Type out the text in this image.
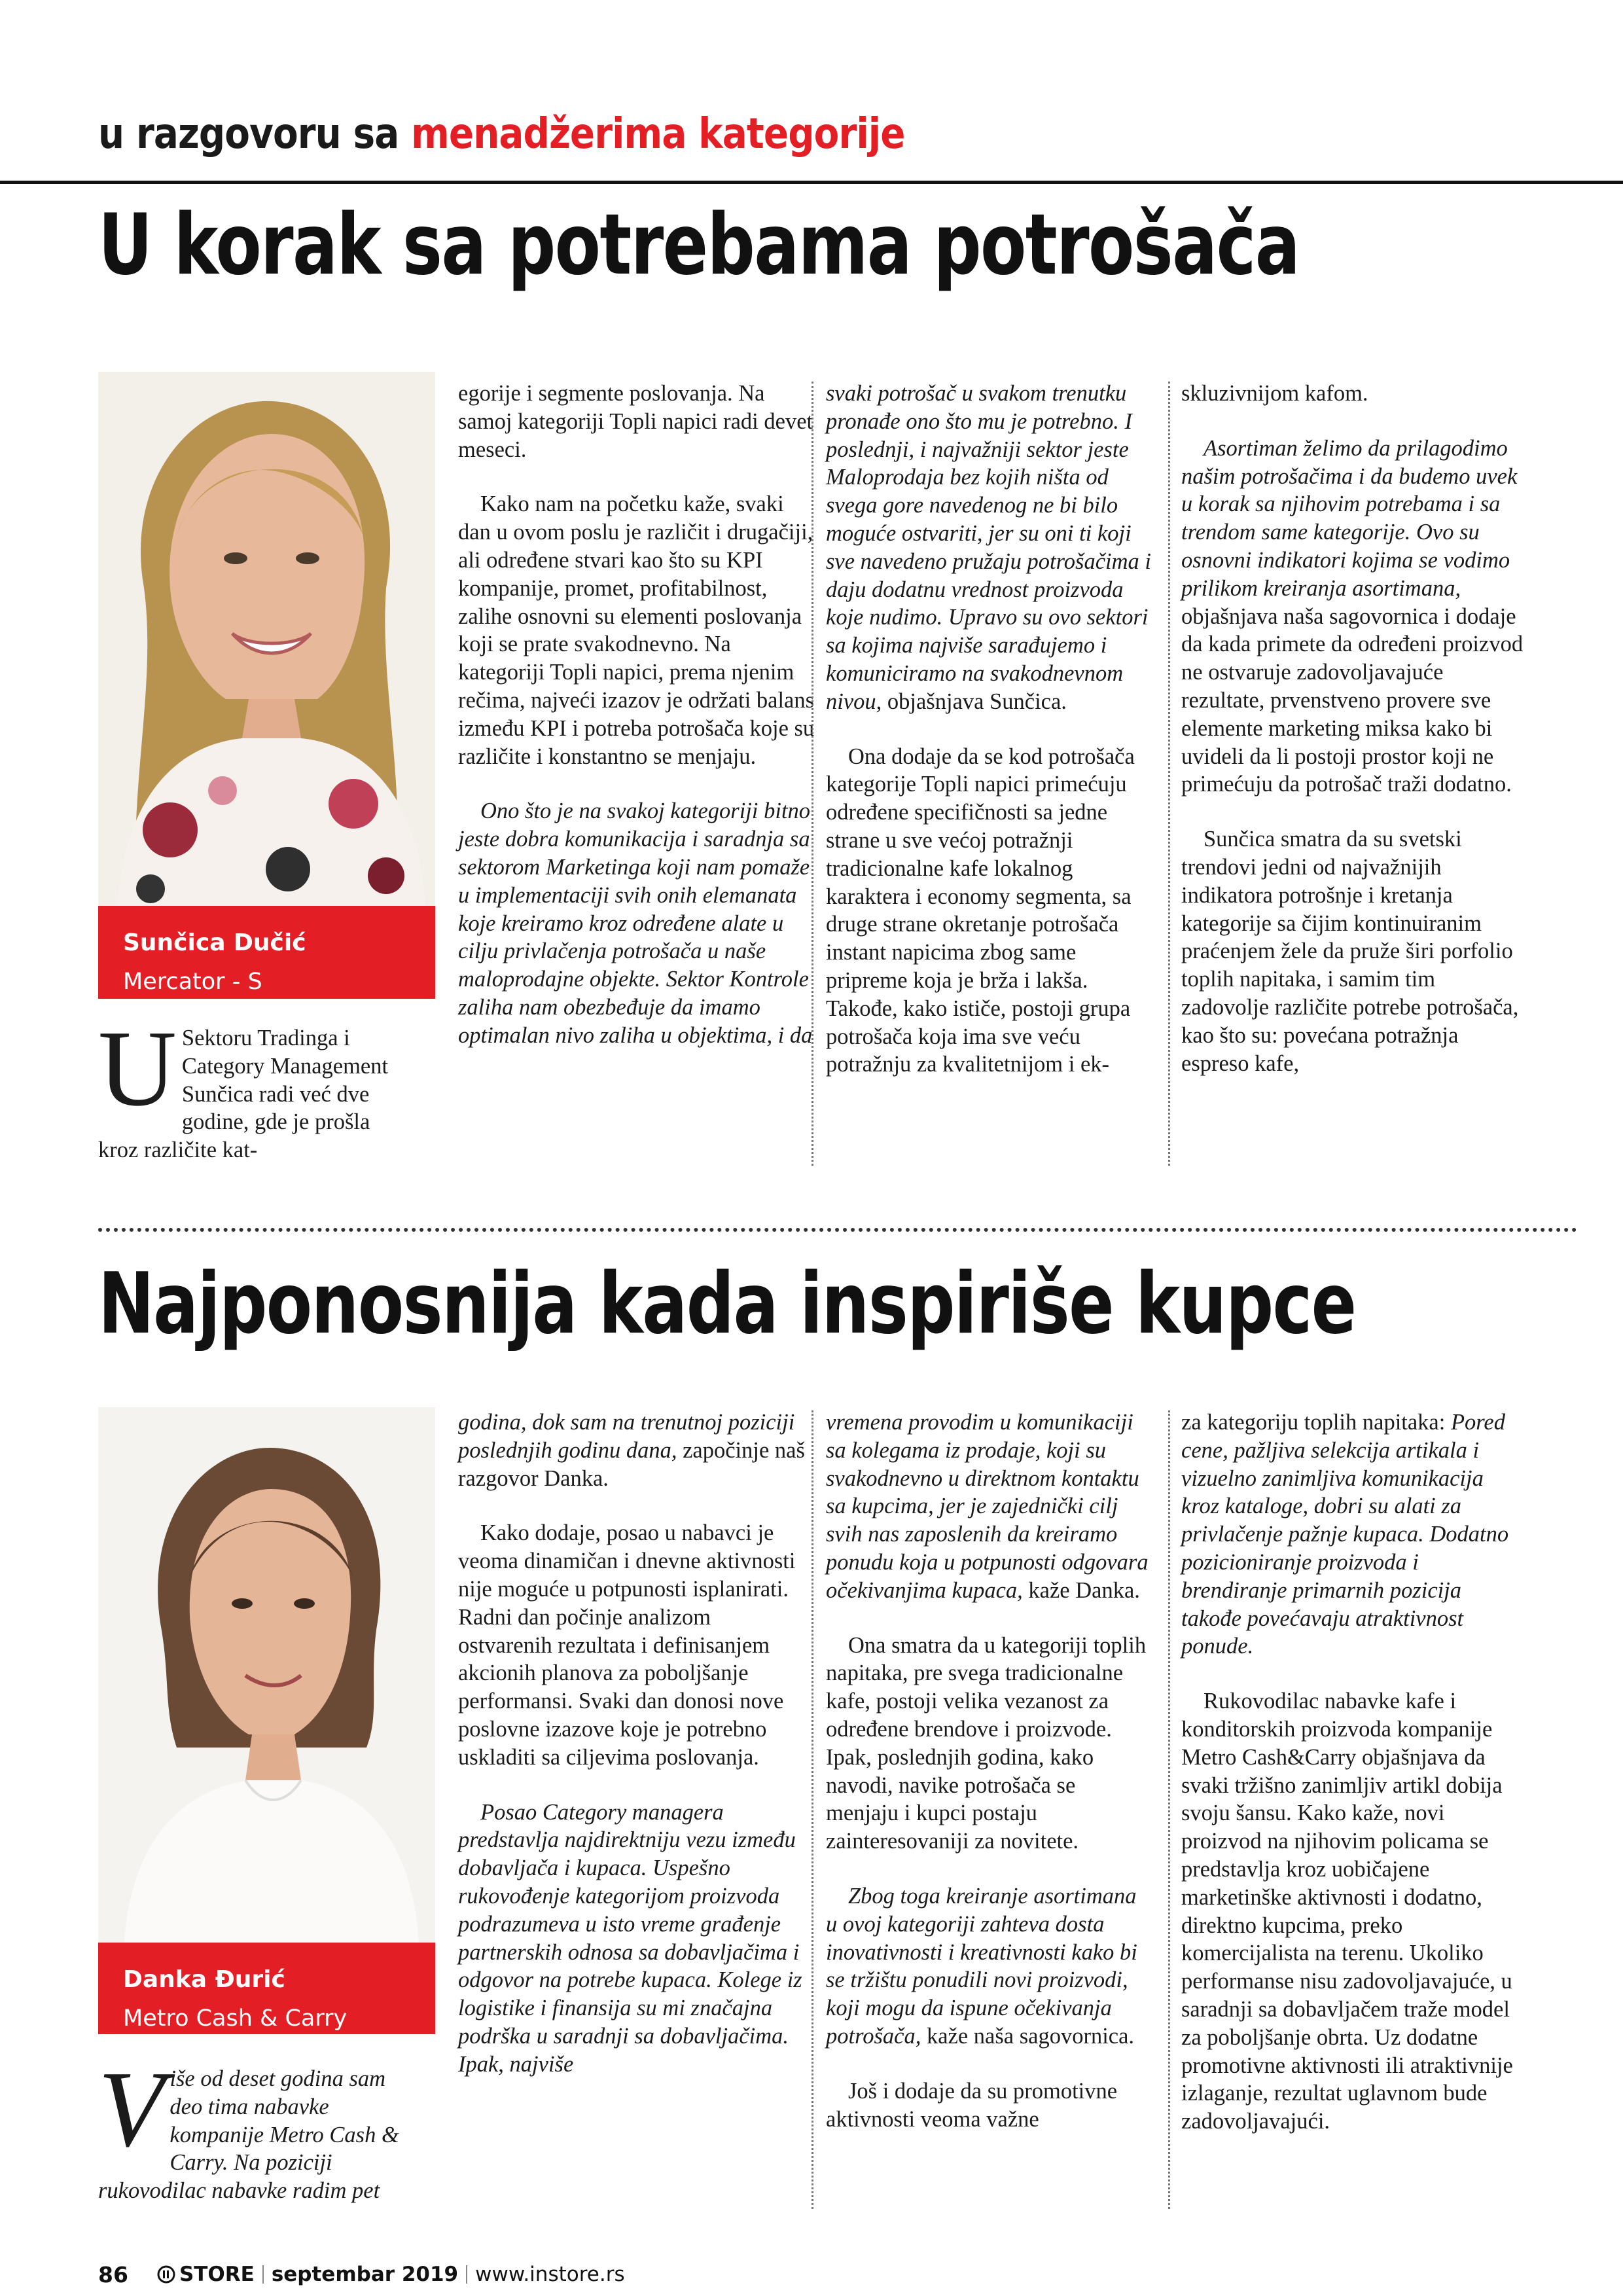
u razgovoru sa menadžerima kategorije
U korak sa potrebama potrošača
Sunčica Dučić
Mercator - S

U Sektoru Tradinga i Category Management Sunčica radi već dve godine, gde je prošla kroz različite kat-

egorije i segmente poslovanja. Na samoj kategoriji Topli napici radi devet meseci.

Kako nam na početku kaže, svaki dan u ovom poslu je različit i drugačiji, ali određene stvari kao što su KPI kompanije, promet, profitabilnost, zalihe osnovni su elementi poslovanja koji se prate svakodnevno. Na kategoriji Topli napici, prema njenim rečima, najveći izazov je održati balans između KPI i potreba potrošača koje su različite i konstantno se menjaju.

Ono što je na svakoj kategoriji bitno jeste dobra komunikacija i saradnja sa sektorom Marketinga koji nam pomaže u implementaciji svih onih elemanata koje kreiramo kroz određene alate u cilju privlačenja potrošača u naše maloprodajne objekte. Sektor Kontrole zaliha nam obezbeđuje da imamo optimalan nivo zaliha u objektima, i da

svaki potrošač u svakom trenutku pronađe ono što mu je potrebno. I poslednji, i najvažniji sektor jeste Maloprodaja bez kojih ništa od svega gore navedenog ne bi bilo moguće ostvariti, jer su oni ti koji sve navedeno pružaju potrošačima i daju dodatnu vrednost proizvoda koje nudimo. Upravo su ovo sektori sa kojima najviše sarađujemo i komuniciramo na svakodnevnom nivou, objašnjava Sunčica.

Ona dodaje da se kod potrošača kategorije Topli napici primećuju određene specifičnosti sa jedne strane u sve većoj potražnji tradicionalne kafe lokalnog karaktera i economy segmenta, sa druge strane okretanje potrošača instant napicima zbog same pripreme koja je brža i lakša. Takođe, kako ističe, postoji grupa potrošača koja ima sve veću potražnju za kvalitetnijom i ek-

skluzivnijom kafom.

Asortiman želimo da prilagodimo našim potrošačima i da budemo uvek u korak sa njihovim potrebama i sa trendom same kategorije. Ovo su osnovni indikatori kojima se vodimo prilikom kreiranja asortimana, objašnjava naša sagovornica i dodaje da kada primete da određeni proizvod ne ostvaruje zadovoljavajuće rezultate, prvenstveno provere sve elemente marketing miksa kako bi uvideli da li postoji prostor koji ne primećuju da potrošač traži dodatno.

Sunčica smatra da su svetski trendovi jedni od najvažnijih indikatora potrošnje i kretanja kategorije sa čijim kontinuiranim praćenjem žele da pruže širi porfolio toplih napitaka, i samim tim zadovolje različite potrebe potrošača, kao što su: povećana potražnja espreso kafe,

Najponosnija kada inspiriše kupce
Danka Đurić
Metro Cash & Carry

Više od deset godina sam deo tima nabavke kompanije Metro Cash & Carry. Na poziciji rukovodilac nabavke radim pet

godina, dok sam na trenutnoj poziciji poslednjih godinu dana, započinje naš razgovor Danka.

Kako dodaje, posao u nabavci je veoma dinamičan i dnevne aktivnosti nije moguće u potpunosti isplanirati. Radni dan počinje analizom ostvarenih rezultata i definisanjem akcionih planova za poboljšanje performansi. Svaki dan donosi nove poslovne izazove koje je potrebno uskladiti sa ciljevima poslovanja.

Posao Category managera predstavlja najdirektniju vezu između dobavljača i kupaca. Uspešno rukovođenje kategorijom proizvoda podrazumeva u isto vreme građenje partnerskih odnosa sa dobavljačima i odgovor na potrebe kupaca. Kolege iz logistike i finansija su mi značajna podrška u saradnji sa dobavljačima. Ipak, najviše

vremena provodim u komunikaciji sa kolegama iz prodaje, koji su svakodnevno u direktnom kontaktu sa kupcima, jer je zajednički cilj svih nas zaposlenih da kreiramo ponudu koja u potpunosti odgovara očekivanjima kupaca, kaže Danka.

Ona smatra da u kategoriji toplih napitaka, pre svega tradicionalne kafe, postoji velika vezanost za određene brendove i proizvode. Ipak, poslednjih godina, kako navodi, navike potrošača se menjaju i kupci postaju zainteresovaniji za novitete.

Zbog toga kreiranje asortimana u ovoj kategoriji zahteva dosta inovativnosti i kreativnosti kako bi se tržištu ponudili novi proizvodi, koji mogu da ispune očekivanja potrošača, kaže naša sagovornica.

Još i dodaje da su promotivne aktivnosti veoma važne

za kategoriju toplih napitaka: Pored cene, pažljiva selekcija artikala i vizuelno zanimljiva komunikacija kroz kataloge, dobri su alati za privlačenje pažnje kupaca. Dodatno pozicioniranje proizvoda i brendiranje primarnih pozicija takođe povećavaju atraktivnost ponude.

Rukovodilac nabavke kafe i konditorskih proizvoda kompanije Metro Cash&Carry objašnjava da svaki tržišno zanimljiv artikl dobija svoju šansu. Kako kaže, novi proizvod na njihovim policama se predstavlja kroz uobičajene marketinške aktivnosti i dodatno, direktno kupcima, preko komercijalista na terenu. Ukoliko performanse nisu zadovoljavajuće, u saradnji sa dobavljačem traže model za poboljšanje obrta. Uz dodatne promotivne aktivnosti ili atraktivnije izlaganje, rezultat uglavnom bude zadovoljavajući.

86	STORE septembar 2019 www.instore.rs
